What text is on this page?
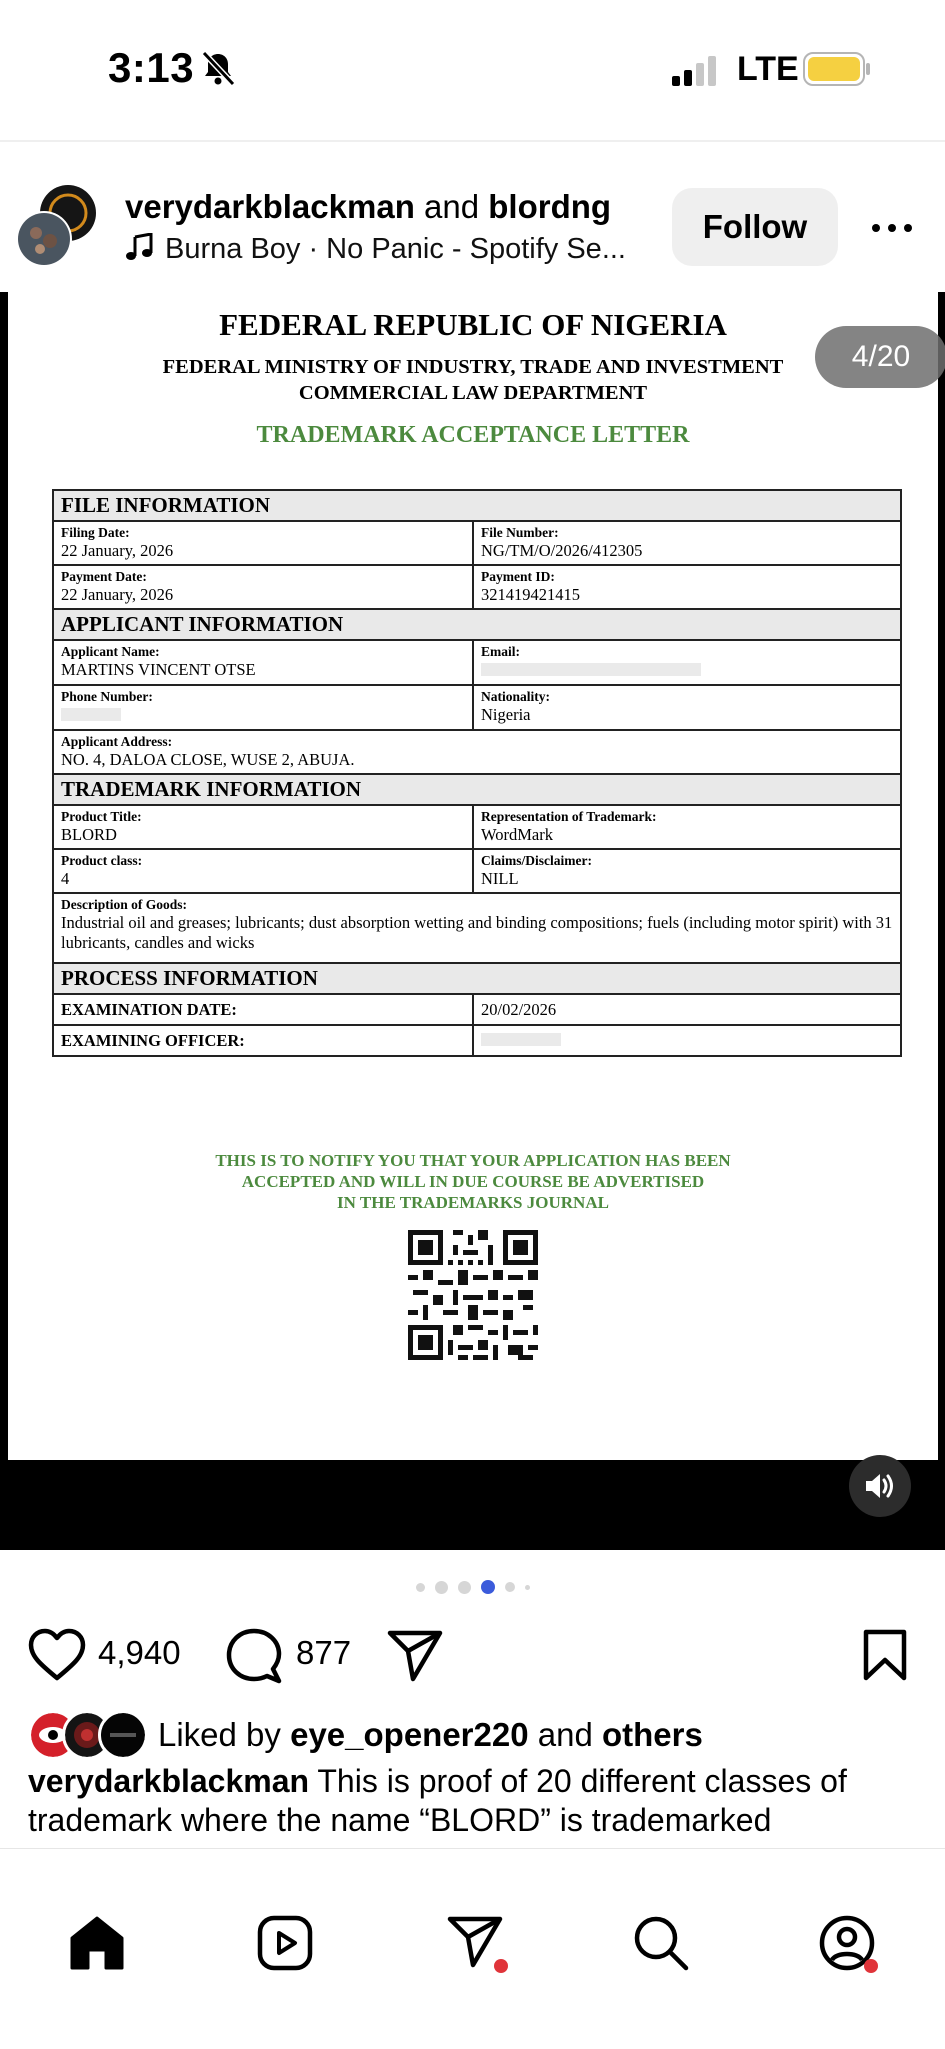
3:13	LTE
verydarkblackman and blordng
Burna Boy · No Panic - Spotify Se...
Follow
FEDERAL REPUBLIC OF NIGERIA
FEDERAL MINISTRY OF INDUSTRY, TRADE AND INVESTMENT
COMMERCIAL LAW DEPARTMENT
TRADEMARK ACCEPTANCE LETTER
FILE INFORMATION	

Filing Date:
22 January, 2026	File Number:
NG/TM/O/2026/412305

Payment Date:
22 January, 2026	Payment ID:
321419421415

APPLICANT INFORMATION	

Applicant Name:
MARTINS VINCENT OTSE	Email:

Phone Number:	Nationality:
Nigeria

Applicant Address:
NO. 4, DALOA CLOSE, WUSE 2, ABUJA.	

TRADEMARK INFORMATION	

Product Title:
BLORD	Representation of Trademark:
WordMark

Product class:
4	Claims/Disclaimer:
NILL

Description of Goods:
Industrial oil and greases; lubricants; dust absorption wetting and binding compositions; fuels (including motor spirit) with 31 lubricants, candles and wicks	

PROCESS INFORMATION	
EXAMINATION DATE:	20/02/2026
EXAMINING OFFICER:	
THIS IS TO NOTIFY YOU THAT YOUR APPLICATION HAS BEEN
ACCEPTED AND WILL IN DUE COURSE BE ADVERTISED
IN THE TRADEMARKS JOURNAL
4/20
4,940	877
Liked by eye_opener220 and others
verydarkblackman This is proof of 20 different classes of trademark where the name “BLORD” is trademarked
